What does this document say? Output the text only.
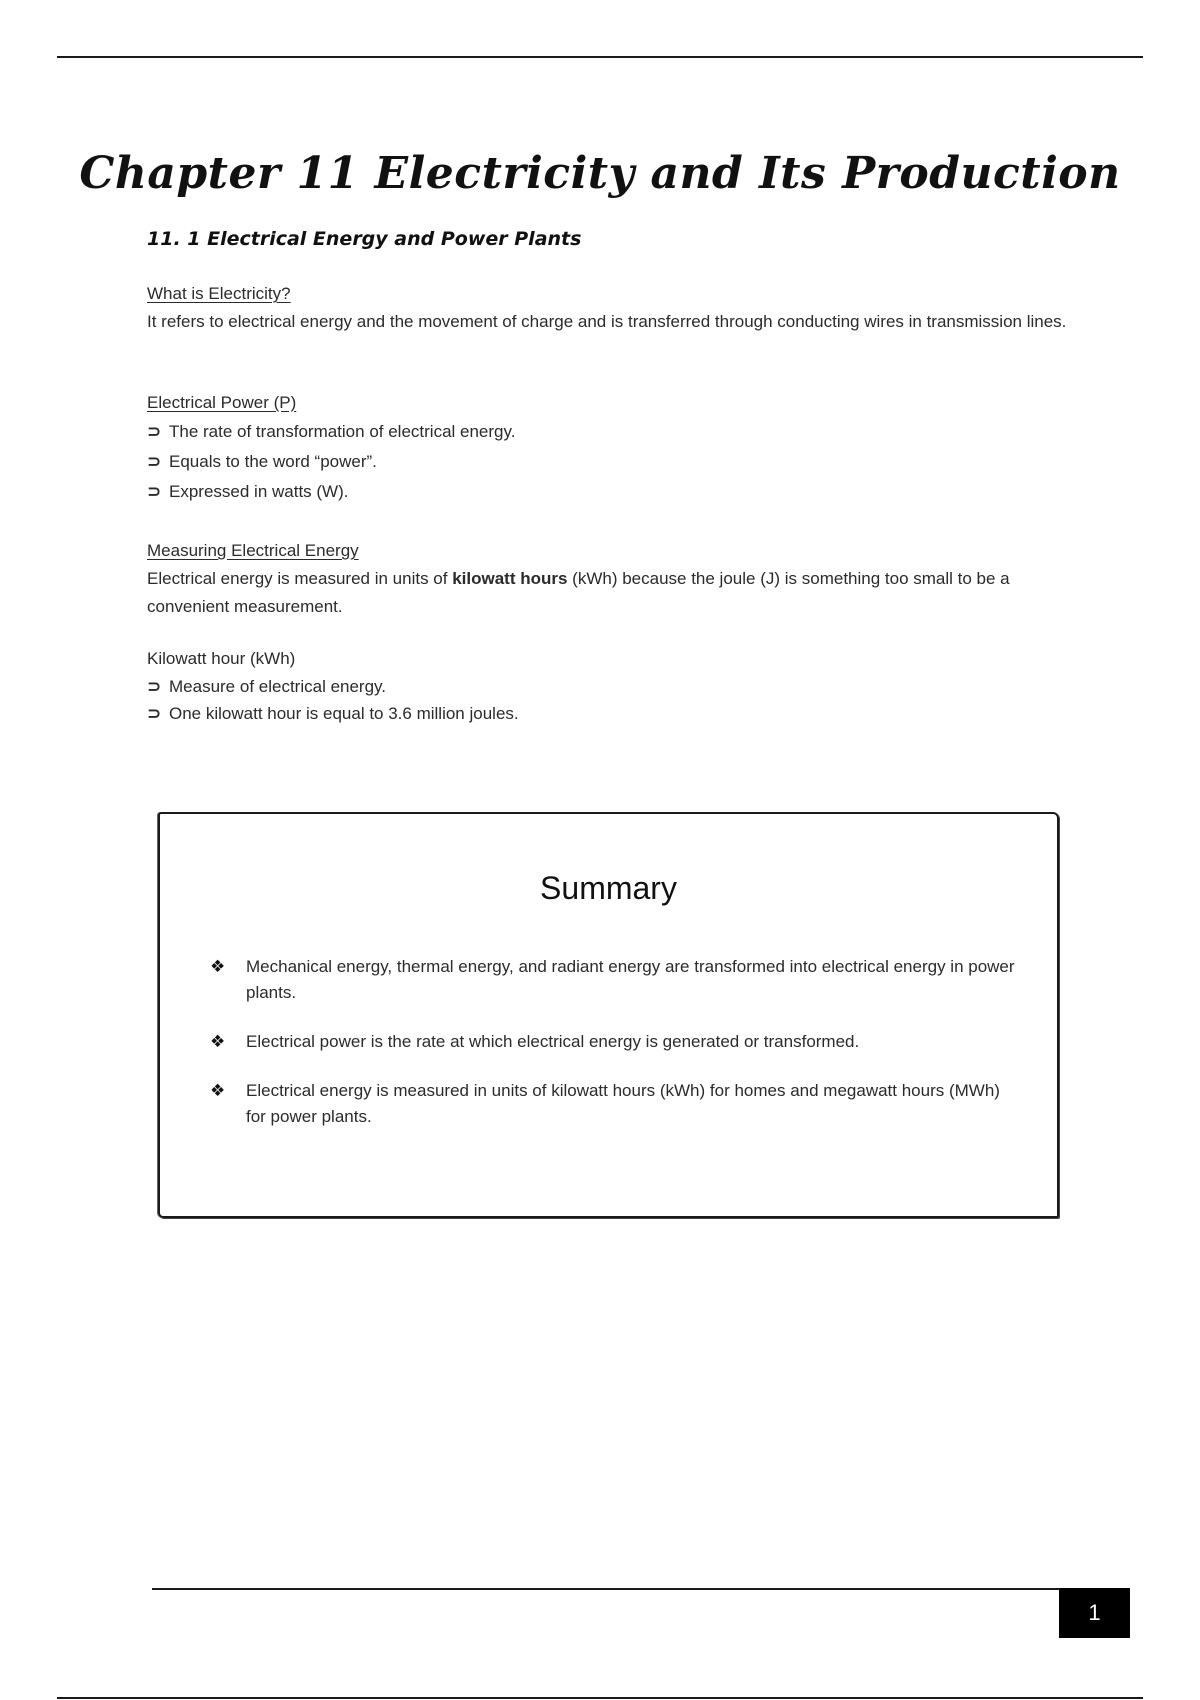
Chapter 11 Electricity and Its Production
11. 1 Electrical Energy and Power Plants
What is Electricity?

It refers to electrical energy and the movement of charge and is transferred through conducting wires in transmission lines.

Electrical Power (P)
⊃ The rate of transformation of electrical energy.
⊃ Equals to the word “power”.
⊃ Expressed in watts (W).
Measuring Electrical Energy

Electrical energy is measured in units of kilowatt hours (kWh) because the joule (J) is something too small to be a convenient measurement.

Kilowatt hour (kWh)
⊃ Measure of electrical energy.
⊃ One kilowatt hour is equal to 3.6 million joules.
Summary
❖ Mechanical energy, thermal energy, and radiant energy are transformed into electrical energy in power plants.
❖ Electrical power is the rate at which electrical energy is generated or transformed.
❖ Electrical energy is measured in units of kilowatt hours (kWh) for homes and megawatt hours (MWh) for power plants.
1
